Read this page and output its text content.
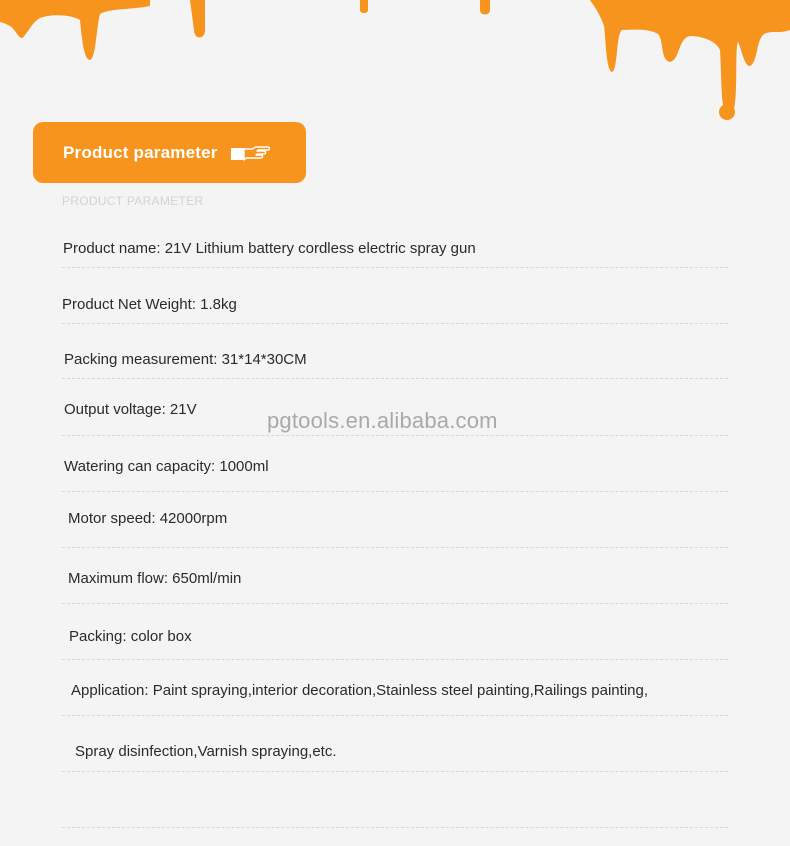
Product parameter
PRODUCT PARAMETER
pgtools.en.alibaba.com
Product name: 21V Lithium battery cordless electric spray gun
Product Net Weight: 1.8kg
Packing measurement: 31*14*30CM
Output voltage: 21V
Watering can capacity: 1000ml
Motor speed: 42000rpm
Maximum flow: 650ml/min
Packing: color box
Application: Paint spraying,interior decoration,Stainless steel painting,Railings painting,
Spray disinfection,Varnish spraying,etc.
